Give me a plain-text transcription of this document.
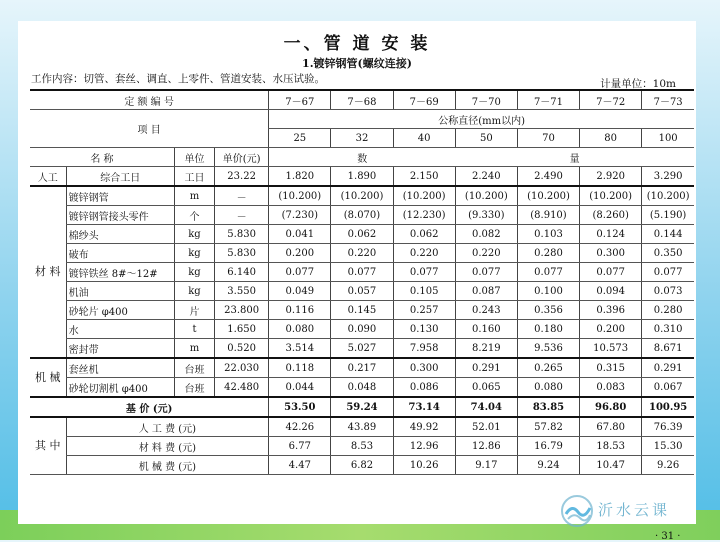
一、管 道 安 装
1.镀锌钢管(螺纹连接)
工作内容：切管、套丝、调直、上零件、管道安装、水压试验。	计量单位：10m
定 额 编 号				7－67	7－68	7－69	7－70	7－71	7－72	7－73
项 目				公称直径(mm以内)						
				25	32	40	50	70	80	100
名 称		单位	单价(元)	数			量			
人工	综合工日	工日	23.22	1.820	1.890	2.150	2.240	2.490	2.920	3.290
材 料	镀锌钢管	m	－	(10.200)	(10.200)	(10.200)	(10.200)	(10.200)	(10.200)	(10.200)
	镀锌钢管接头零件	个	－	(7.230)	(8.070)	(12.230)	(9.330)	(8.910)	(8.260)	(5.190)
	棉纱头	kg	5.830	0.041	0.062	0.062	0.082	0.103	0.124	0.144
	破布	kg	5.830	0.200	0.220	0.220	0.220	0.280	0.300	0.350
	镀锌铁丝 8#～12#	kg	6.140	0.077	0.077	0.077	0.077	0.077	0.077	0.077
	机油	kg	3.550	0.049	0.057	0.105	0.087	0.100	0.094	0.073
	砂轮片 φ400	片	23.800	0.116	0.145	0.257	0.243	0.356	0.396	0.280
	水	t	1.650	0.080	0.090	0.130	0.160	0.180	0.200	0.310
	密封带	m	0.520	3.514	5.027	7.958	8.219	9.536	10.573	8.671
机 械	套丝机	台班	22.030	0.118	0.217	0.300	0.291	0.265	0.315	0.291
	砂轮切割机 φ400	台班	42.480	0.044	0.048	0.086	0.065	0.080	0.083	0.067
基 价 (元)				53.50	59.24	73.14	74.04	83.85	96.80	100.95
其 中	人 工 费 (元)			42.26	43.89	49.92	52.01	57.82	67.80	76.39
	材 料 费 (元)			6.77	8.53	12.96	12.86	16.79	18.53	15.30
	机 械 费 (元)			4.47	6.82	10.26	9.17	9.24	10.47	9.26
· 31 ·
沂水云课
